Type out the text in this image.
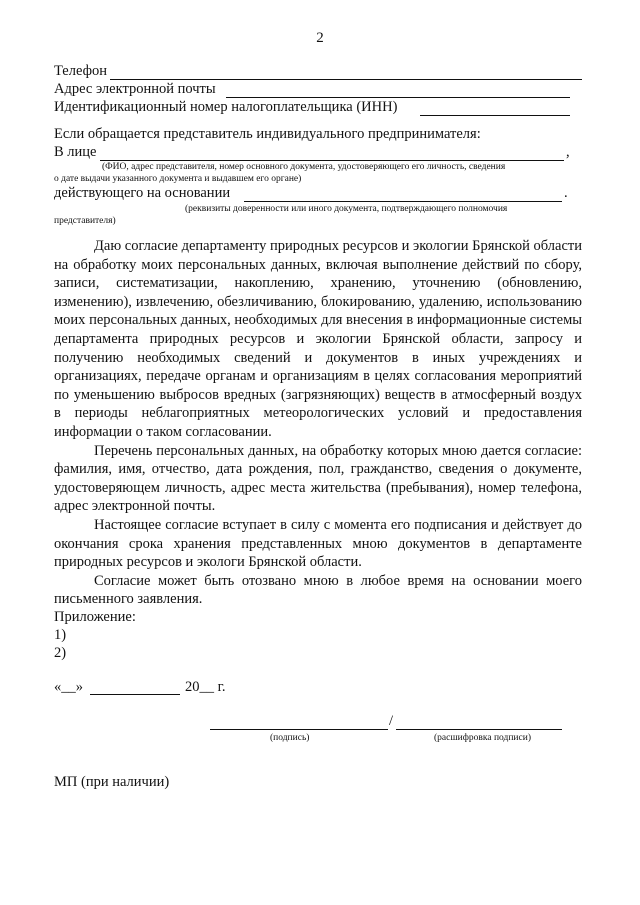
2
Телефон
Адрес электронной почты
Идентификационный номер налогоплательщика (ИНН)
Если обращается представитель индивидуального предпринимателя:
В лице	,
(ФИО, адрес представителя, номер основного документа, удостоверяющего его личность, сведения
о дате выдачи указанного документа и выдавшем его органе)
действующего на основании	.
(реквизиты доверенности или иного документа, подтверждающего полномочия
представителя)

Даю согласие департаменту природных ресурсов и экологии Брянской области на обработку моих персональных данных, включая выполнение действий по сбору, записи, систематизации, накоплению, хранению, уточнению (обновлению, изменению), извлечению, обезличиванию, блокированию, удалению, использованию моих персональных данных, необходимых для внесения в информационные системы департамента природных ресурсов и экологии Брянской области, запросу и получению необходимых сведений и документов в иных учреждениях и организациях, передаче органам и организациям в целях согласования мероприятий по уменьшению выбросов вредных (загрязняющих) веществ в атмосферный воздух в периоды неблагоприятных метеорологических условий и предоставления информации о таком согласовании.

Перечень персональных данных, на обработку которых мною дается согласие: фамилия, имя, отчество, дата рождения, пол, гражданство, сведения о документе, удостоверяющем личность, адрес места жительства (пребывания), номер телефона, адрес электронной почты.

Настоящее согласие вступает в силу с момента его подписания и действует до окончания срока хранения представленных мною документов в департаменте природных ресурсов и экологи Брянской области.

Согласие может быть отозвано мною в любое время на основании моего письменного заявления.

Приложение:
1)
2)
«__»	20__ г.
/
(подпись)	(расшифровка подписи)
МП (при наличии)
